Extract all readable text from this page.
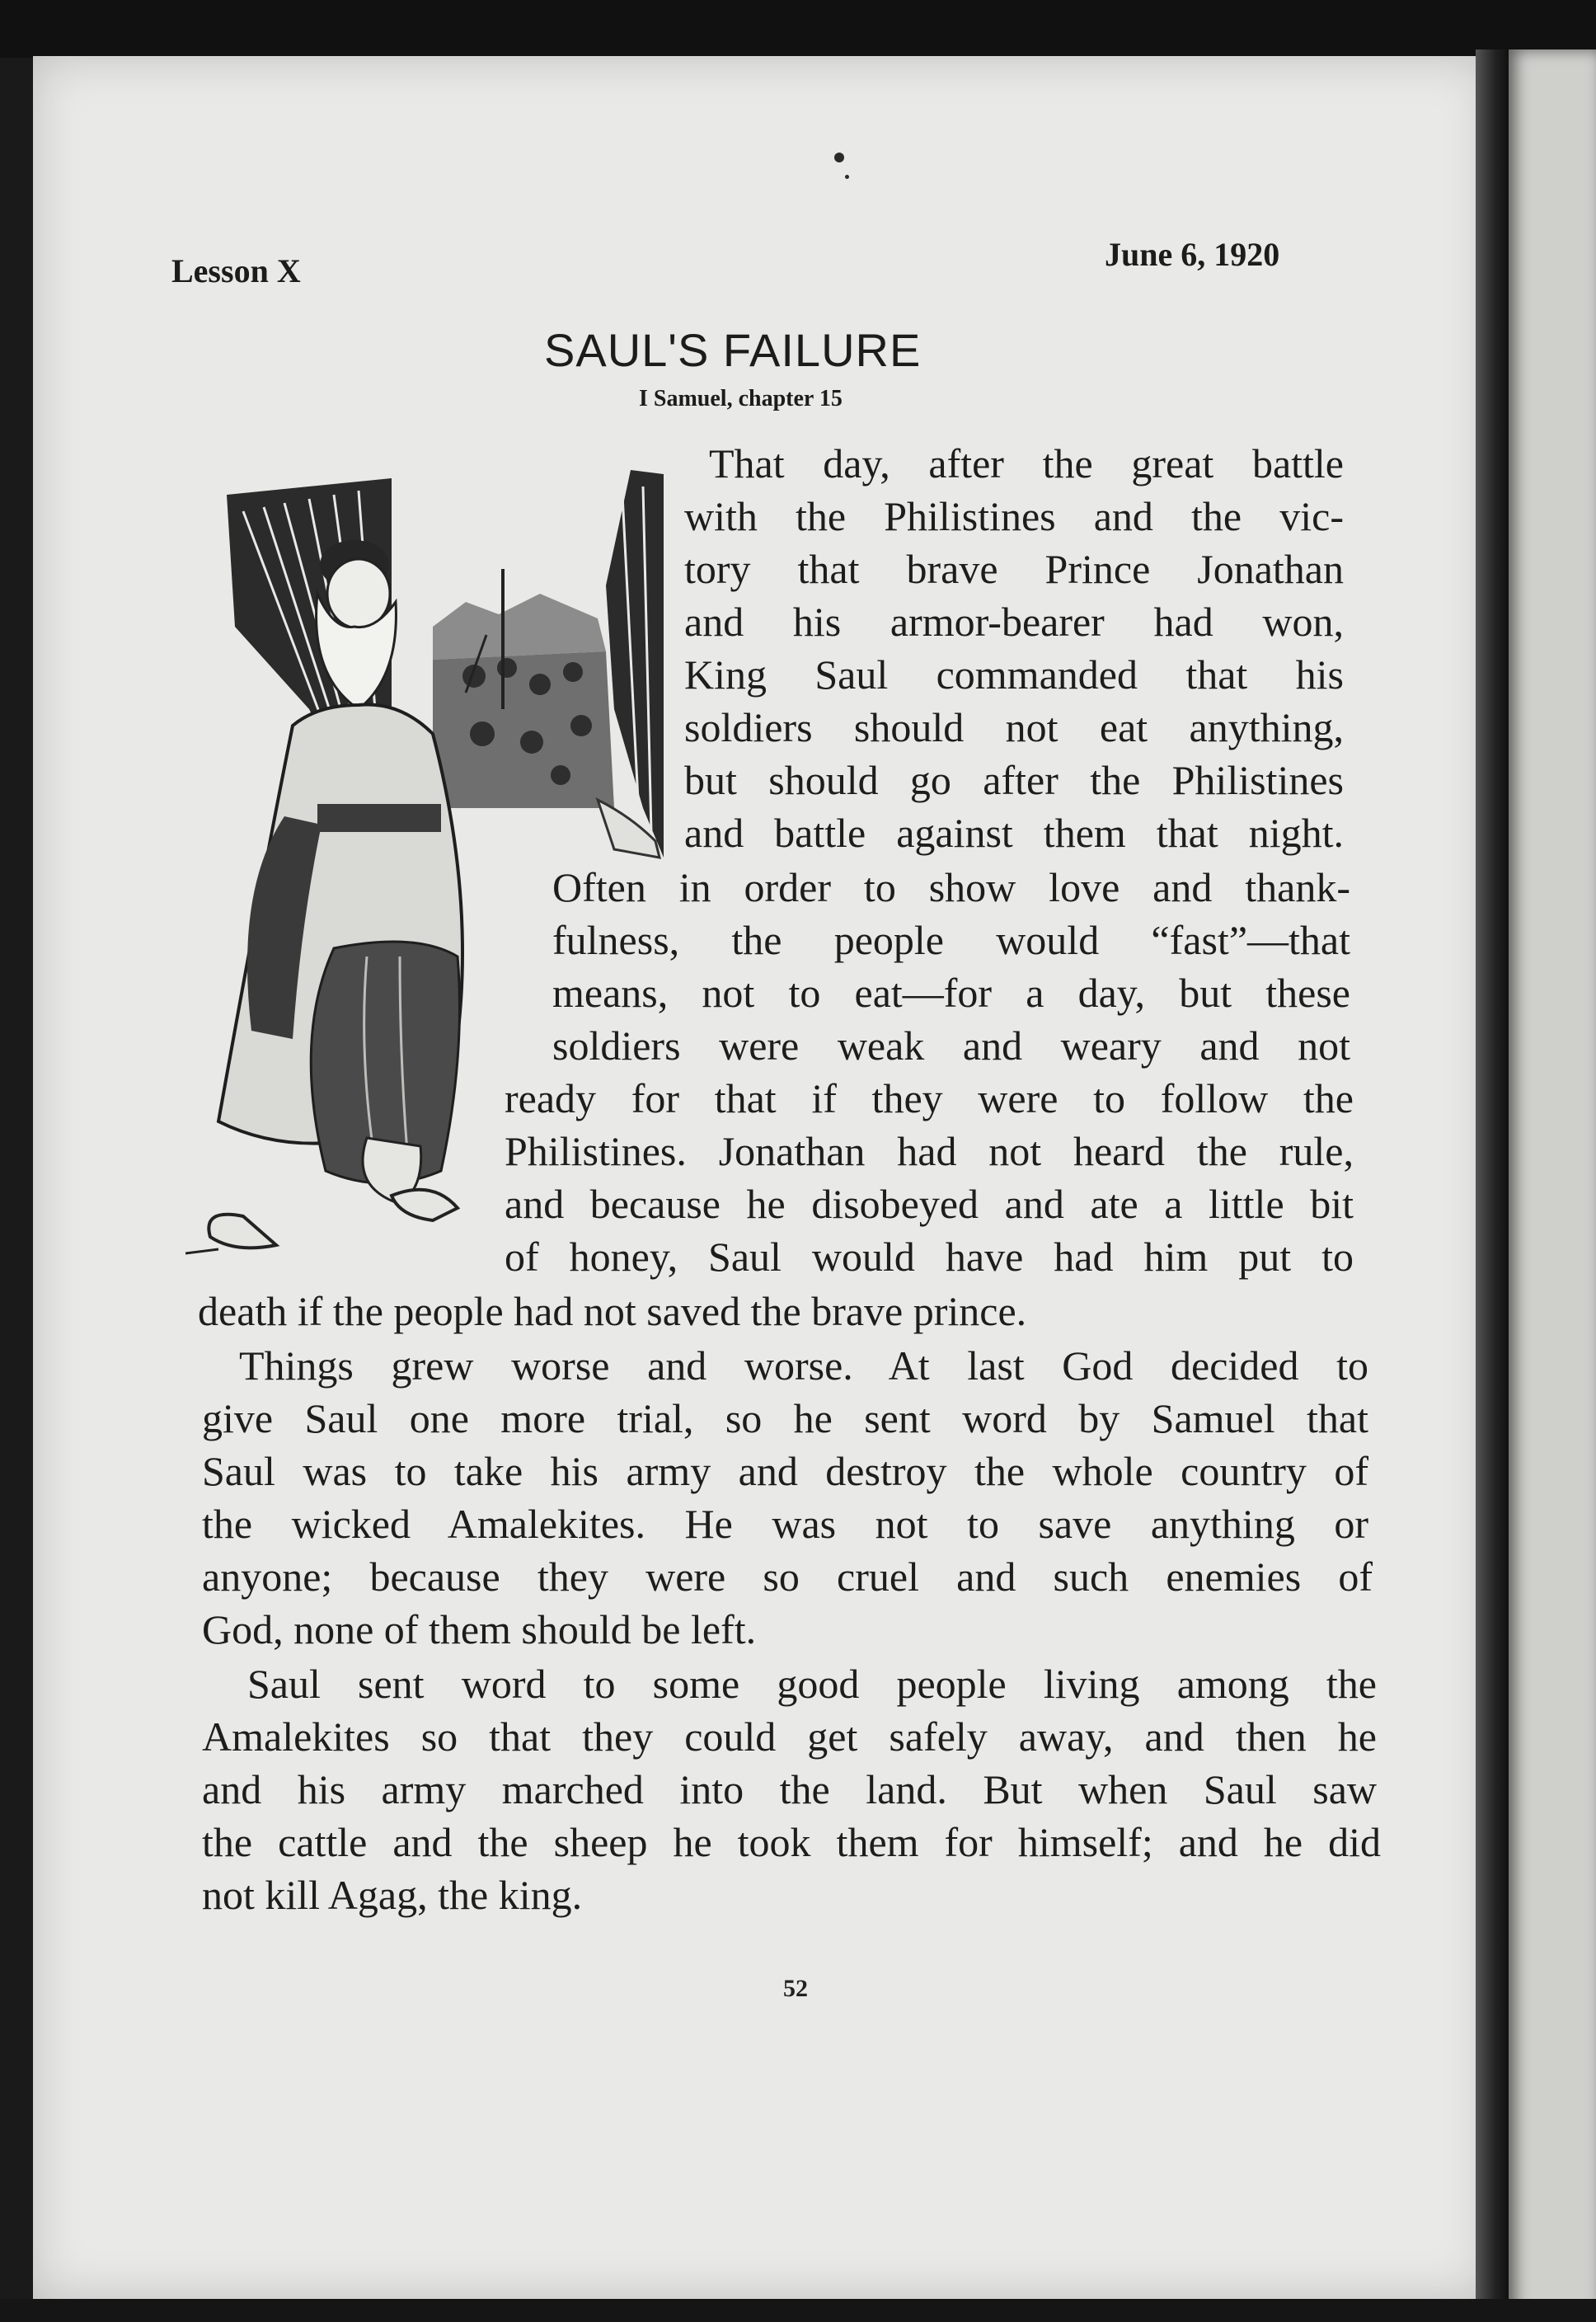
Lesson X	June 6, 1920
SAUL'S FAILURE
I Samuel, chapter 15
That day, after the great battle
with the Philistines and the vic-
tory that brave Prince Jonathan
and his armor-bearer had won,
King Saul commanded that his
soldiers should not eat anything,
but should go after the Philistines
and battle against them that night.
Often in order to show love and thank-
fulness, the people would “fast”—that
means, not to eat—for a day, but these
soldiers were weak and weary and not
ready for that if they were to follow the
Philistines. Jonathan had not heard the rule,
and because he disobeyed and ate a little bit
of honey, Saul would have had him put to
death if the people had not saved the brave prince.
Things grew worse and worse. At last God decided to
give Saul one more trial, so he sent word by Samuel that
Saul was to take his army and destroy the whole country of
the wicked Amalekites. He was not to save anything or
anyone; because they were so cruel and such enemies of
God, none of them should be left.
Saul sent word to some good people living among the
Amalekites so that they could get safely away, and then he
and his army marched into the land. But when Saul saw
the cattle and the sheep he took them for himself; and he did
not kill Agag, the king.
52
